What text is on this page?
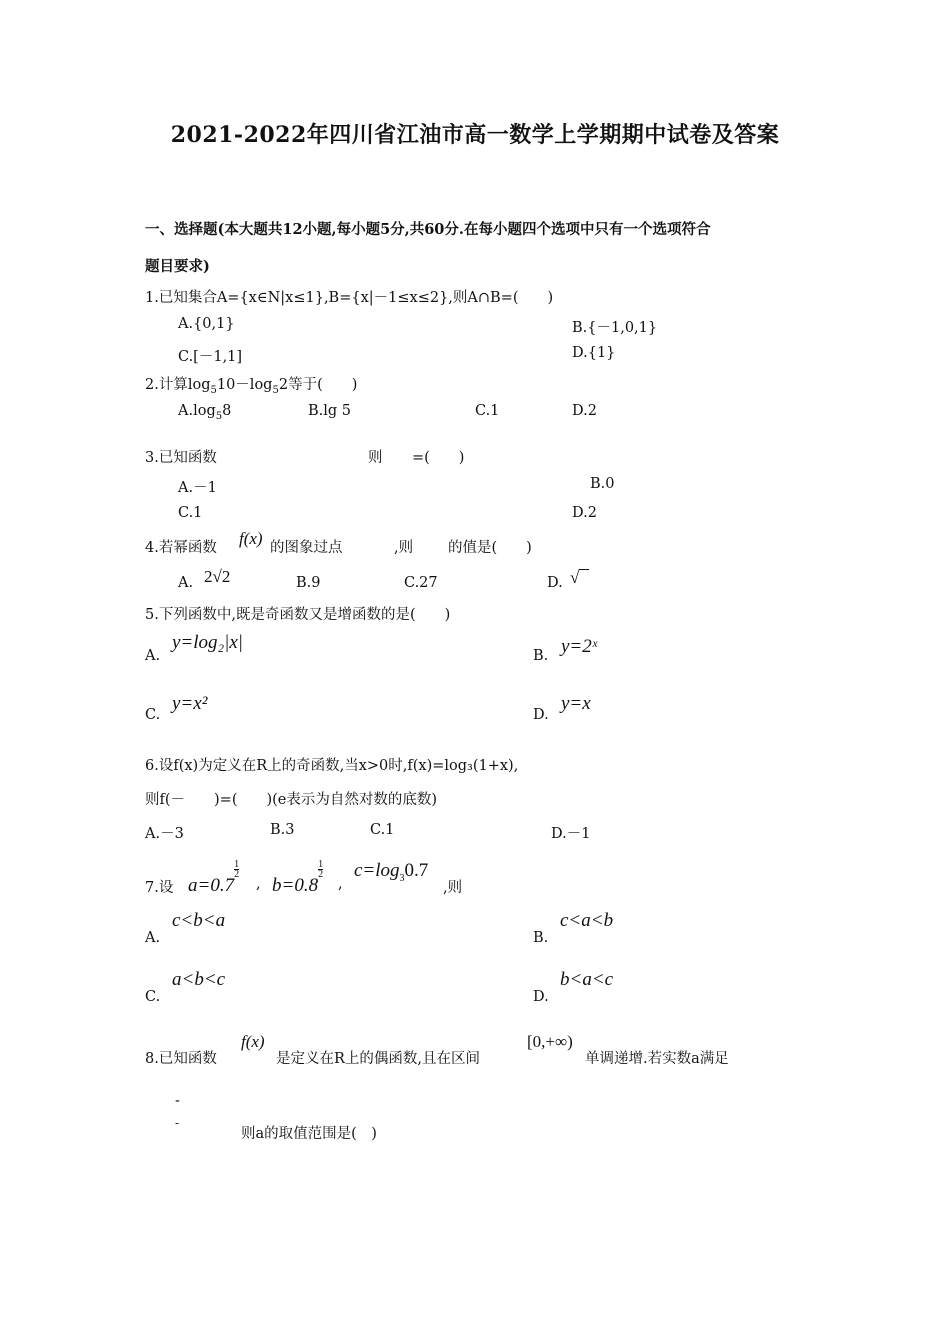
2021-2022年四川省江油市高一数学上学期期中试卷及答案
一、选择题(本大题共12小题,每小题5分,共60分.在每小题四个选项中只有一个选项符合
题目要求)
1.已知集合A={x∈N|x≤1},B={x|－1≤x≤2},则A∩B=(　　)
A.{0,1}	B.{－1,0,1}
C.[－1,1]	D.{1}
2.计算$\log_510-\log_52$等于(　　)
$A.\log_58$	B.lg 5	C.1	D.2
3.已知函数	则 =(　　)
A.－1	B.0
C.1	D.2
4.若幂函数 f(x) 的图象过点	,则 的值是(　　)
A. 2√2	B.9	C.27	D. √
5.下列函数中,既是奇函数又是增函数的是(　　)
A.
y=log₂|x|
B. y=2ˣ
C.
y=x²
D.
y=x
6.设f(x)为定义在R上的奇函数,当x>0时,f(x)=log₃(1+x),
则f(－　　)=(　　)(e表示为自然对数的底数)
A.－3	B.3	C.1	D.－1
7.设 a=0.7
$\frac{1}{2}$
, b=0.8
$\frac{1}{2}$
,
$c=\log_30.7$
,则
A.
c<b<a
B.
c<a<b
C.
a<b<c
D.
b<a<c
8.已知函数
f(x)
是定义在R上的偶函数,且在区间
[0,+∞)
单调递增.若实数a满足
-
-
则a的取值范围是(　)
